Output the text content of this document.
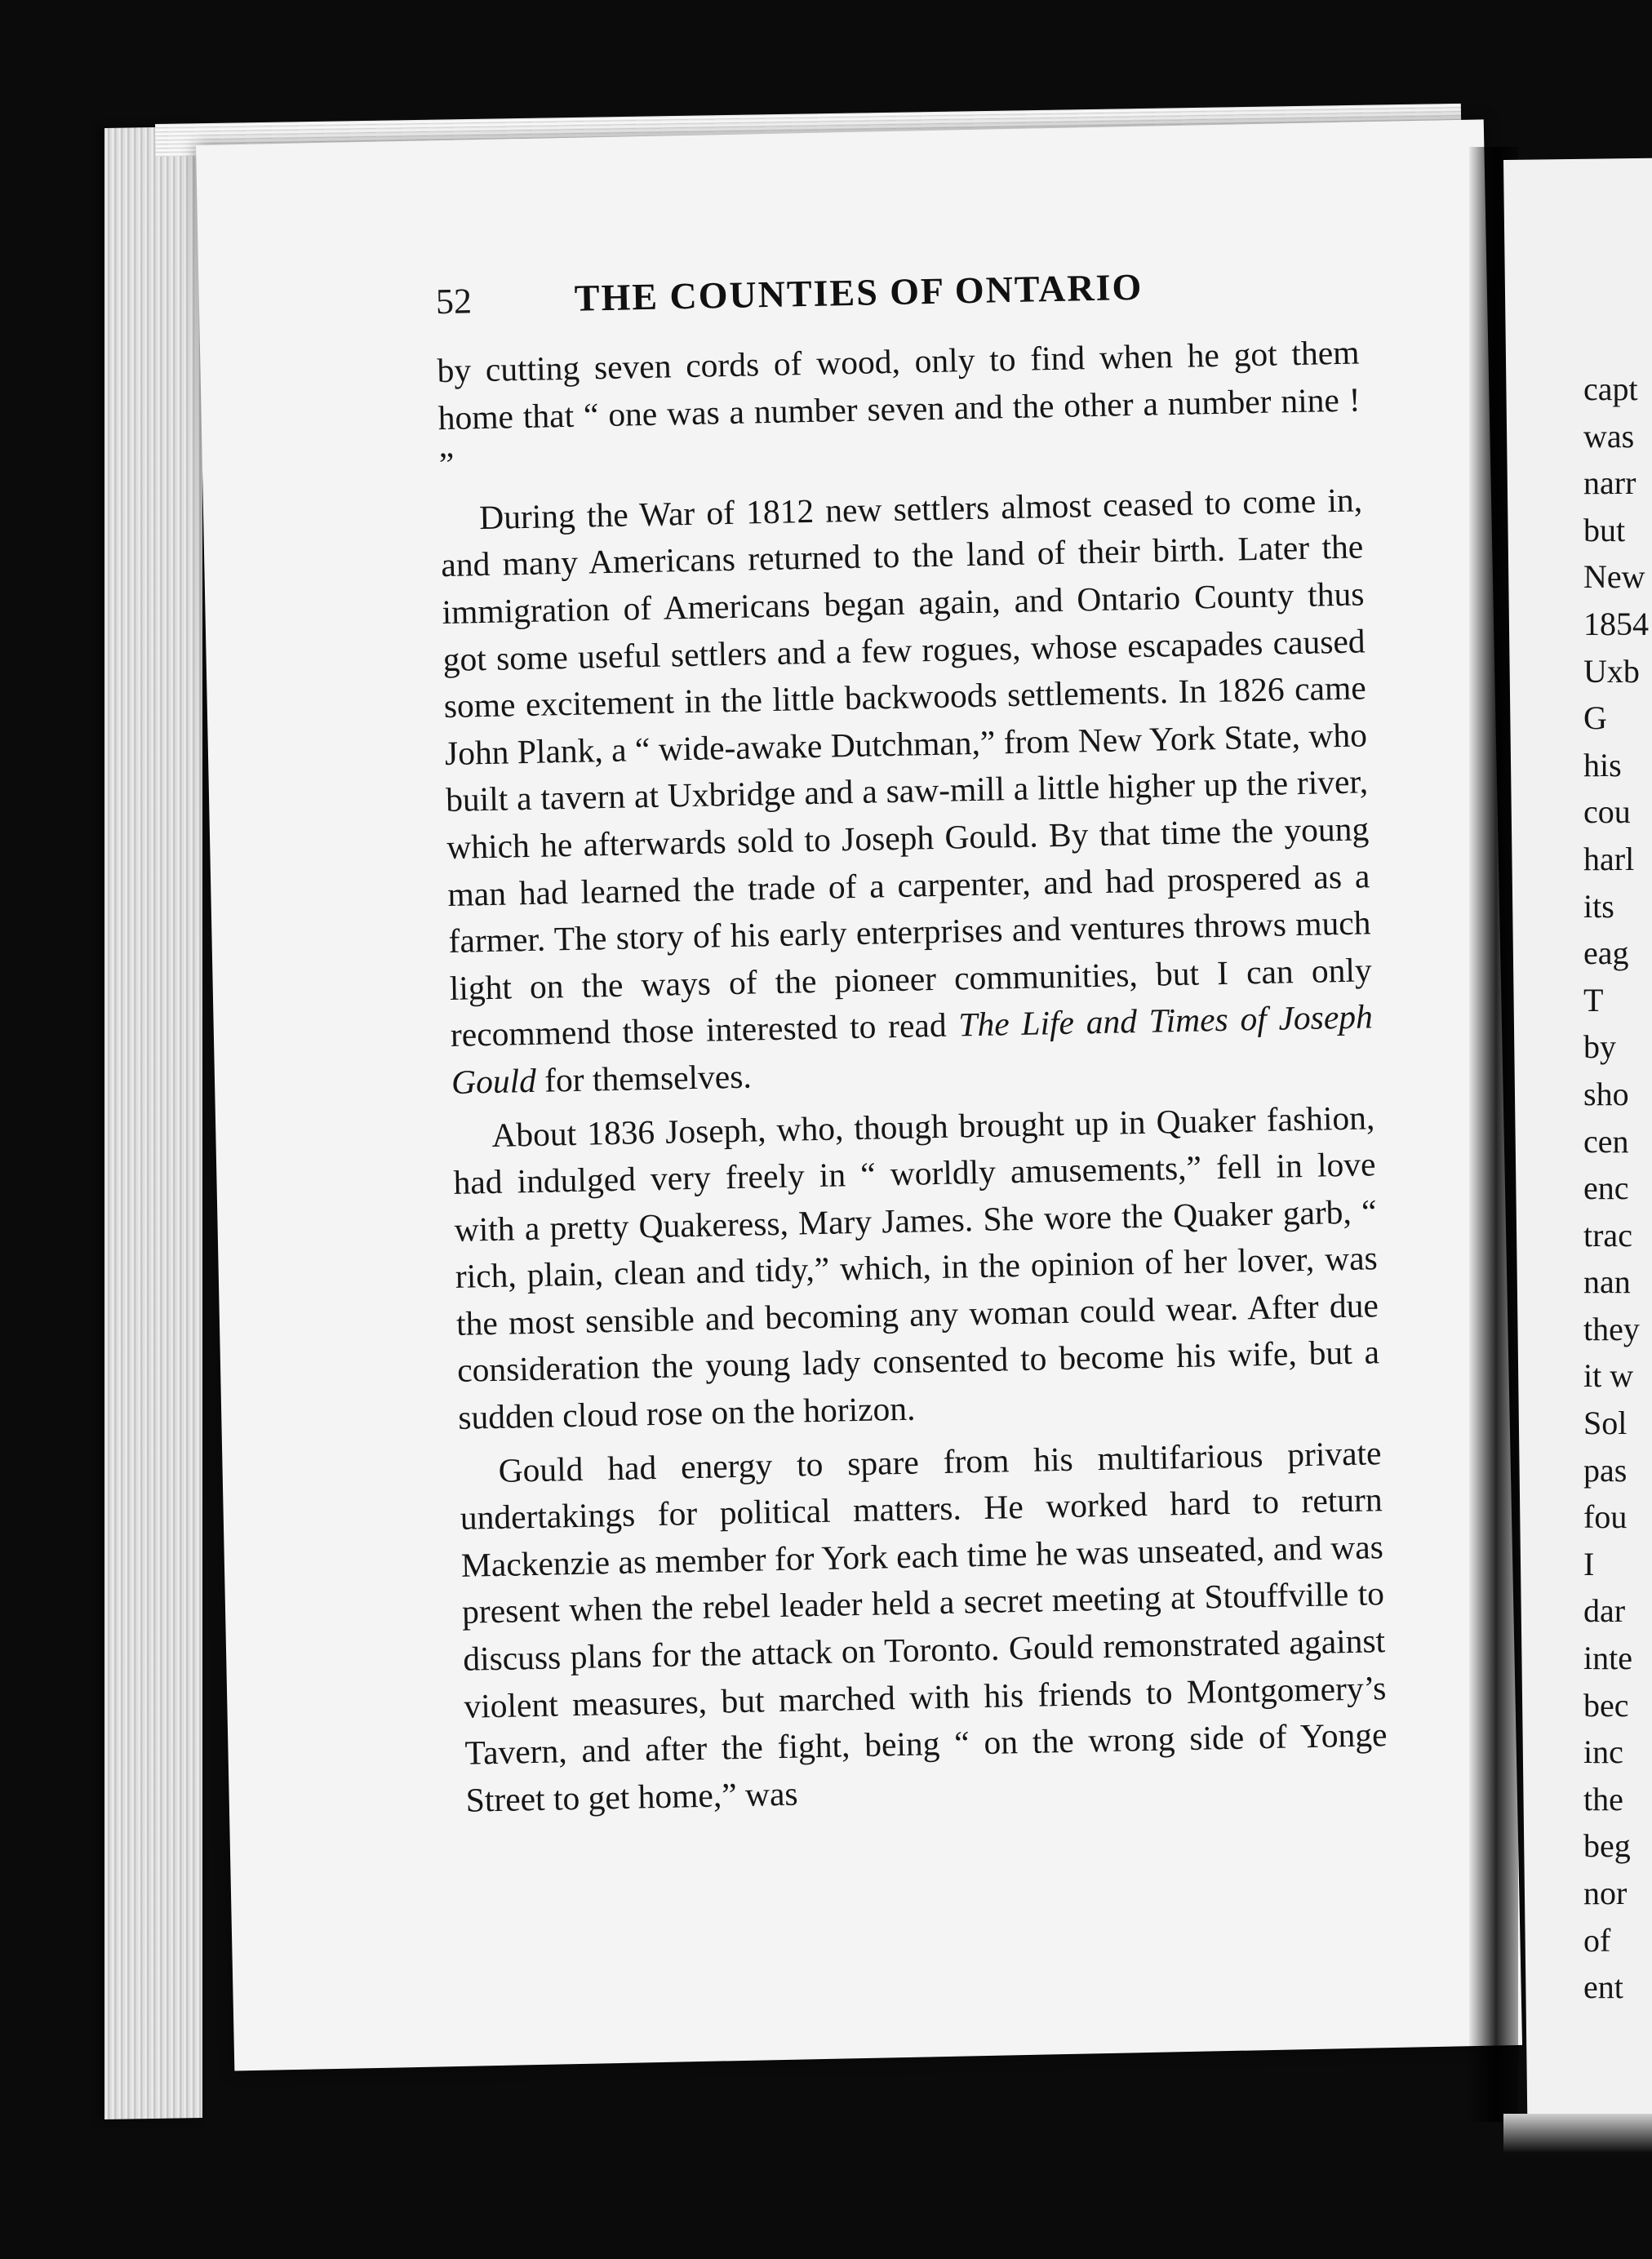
52	THE COUNTIES OF ONTARIO

by cutting seven cords of wood, only to find when he got them home that “ one was a number seven and the other a number nine ! ”

During the War of 1812 new settlers almost ceased to come in, and many Americans returned to the land of their birth. Later the immigration of Americans began again, and Ontario County thus got some useful settlers and a few rogues, whose escapades caused some excitement in the little backwoods settlements. In 1826 came John Plank, a “ wide-awake Dutchman,” from New York State, who built a tavern at Uxbridge and a saw-mill a little higher up the river, which he afterwards sold to Joseph Gould. By that time the young man had learned the trade of a carpenter, and had prospered as a farmer. The story of his early enterprises and ventures throws much light on the ways of the pioneer communities, but I can only recommend those interested to read The Life and Times of Joseph Gould for themselves.

About 1836 Joseph, who, though brought up in Quaker fashion, had indulged very freely in “ worldly amusements,” fell in love with a pretty Quakeress, Mary James. She wore the Quaker garb, “ rich, plain, clean and tidy,” which, in the opinion of her lover, was the most sensible and becoming any woman could wear. After due consideration the young lady consented to become his wife, but a sudden cloud rose on the horizon.

Gould had energy to spare from his multifarious private undertakings for political matters. He worked hard to return Mackenzie as member for York each time he was unseated, and was present when the rebel leader held a secret meeting at Stouffville to discuss plans for the attack on Toronto. Gould remonstrated against violent measures, but marched with his friends to Montgomery’s Tavern, and after the fight, being “ on the wrong side of Yonge Street to get home,” was

capt
was
narr
but
New
1854
Uxb
G
his
cou
harl
its
eag
T
by
sho
cen
enc
trac
nan
they
it w
Sol
pas
fou
I
dar
inte
bec
inc
the
beg
nor
of
ent
